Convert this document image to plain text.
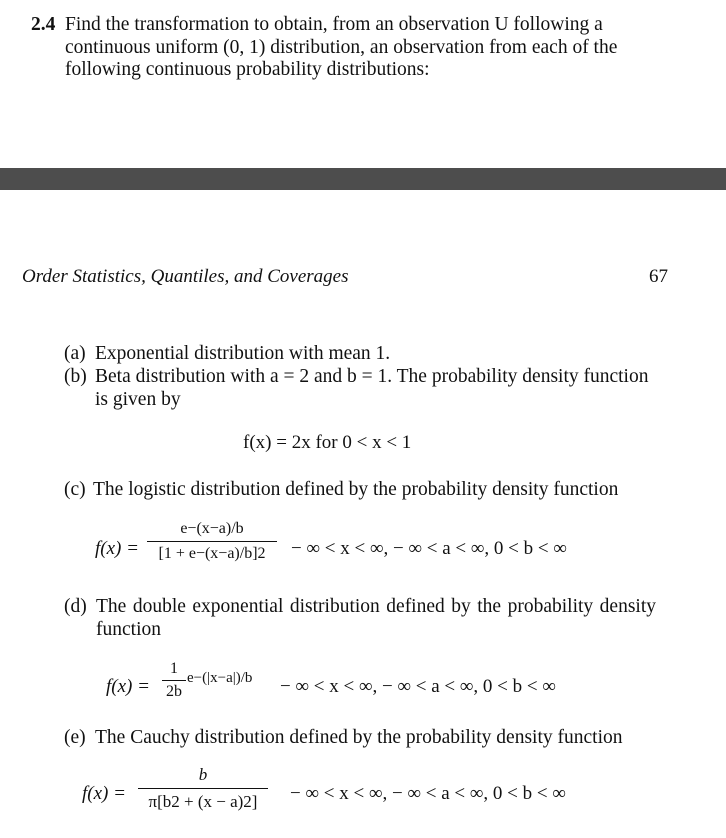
2.4 Find the transformation to obtain, from an observation U following a continuous uniform (0, 1) distribution, an observation from each of the following continuous probability distributions:
Order Statistics, Quantiles, and Coverages	67
(a) Exponential distribution with mean 1.
(b) Beta distribution with a = 2 and b = 1. The probability density function is given by
f(x) = 2x for 0 < x < 1
(c) The logistic distribution defined by the probability density function
$f(x) = \frac{e-(x-a)/b}{[1 + e-(x-a)/b]2}$ − ∞ < x < ∞, − ∞ < a < ∞, 0 < b < ∞
(d) The double exponential distribution defined by the probability density function
$f(x) = \frac{1}{2b} e-(|x-a|)/b$ − ∞ < x < ∞, − ∞ < a < ∞, 0 < b < ∞
(e) The Cauchy distribution defined by the probability density function
$f(x) = \frac{b}{\pi[b2 + (x - a)2]}$ − ∞ < x < ∞, − ∞ < a < ∞, 0 < b < ∞
